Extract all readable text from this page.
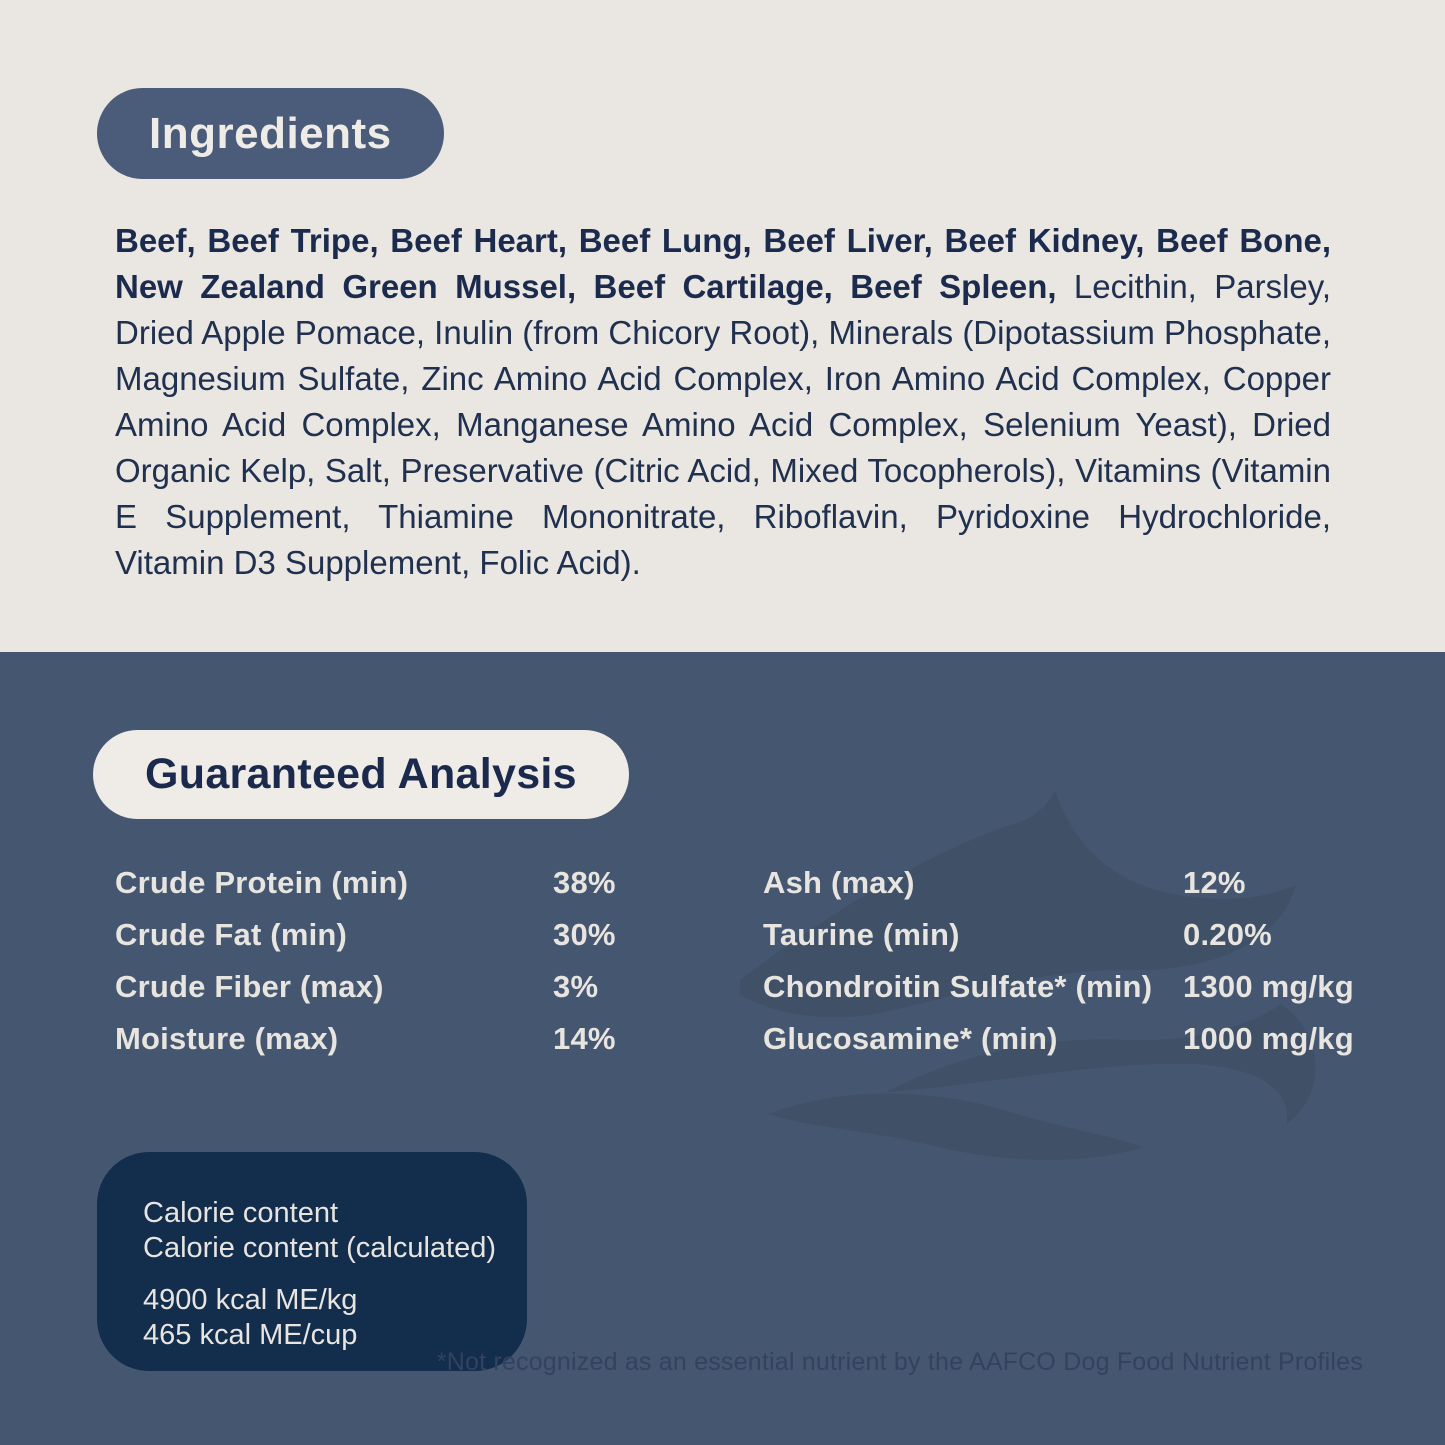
Ingredients

Beef, Beef Tripe, Beef Heart, Beef Lung, Beef Liver, Beef Kidney, Beef Bone, New Zealand Green Mussel, Beef Cartilage, Beef Spleen, Lecithin, Parsley, Dried Apple Pomace, Inulin (from Chicory Root), Minerals (Dipotassium Phosphate, Magnesium Sulfate, Zinc Amino Acid Complex, Iron Amino Acid Complex, Copper Amino Acid Complex, Manganese Amino Acid Complex, Selenium Yeast), Dried Organic Kelp, Salt, Preservative (Citric Acid, Mixed Tocopherols), Vitamins (Vitamin E Supplement, Thiamine Mononitrate, Riboflavin, Pyridoxine Hydrochloride, Vitamin D3 Supplement, Folic Acid).

Guaranteed Analysis
Crude Protein (min)	38%
Crude Fat (min)	30%
Crude Fiber (max)	3%
Moisture (max)	14%
Ash (max)	12%
Taurine (min)	0.20%
Chondroitin Sulfate* (min) 1300 mg/kg
Glucosamine* (min)	1000 mg/kg
Calorie content
Calorie content (calculated)
4900 kcal ME/kg
465 kcal ME/cup
*Not recognized as an essential nutrient by the AAFCO Dog Food Nutrient Profiles
